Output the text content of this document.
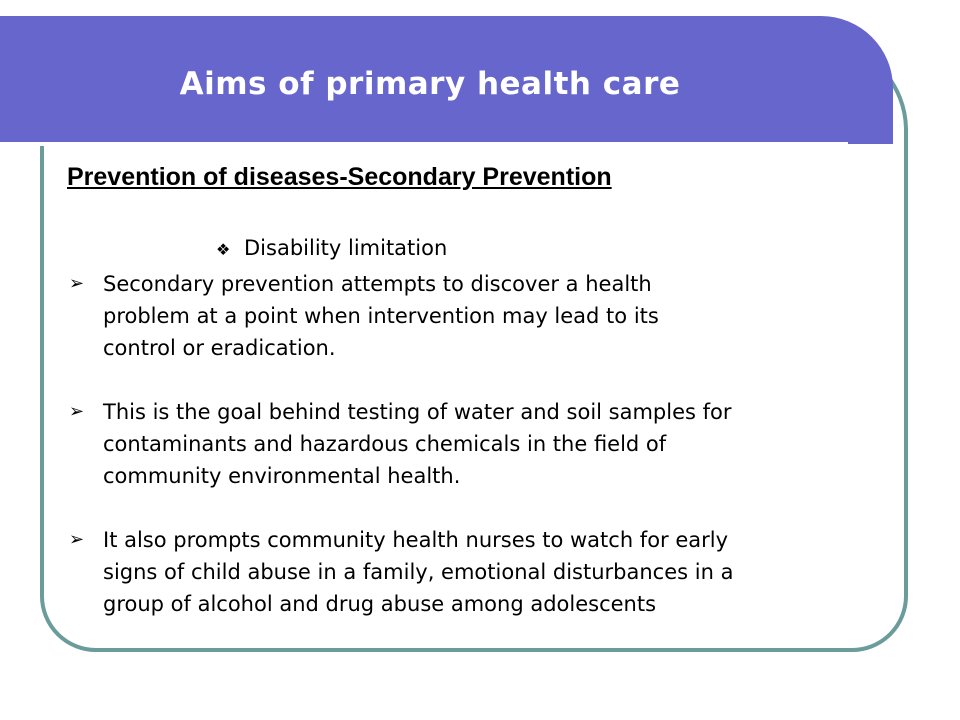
Aims of primary health care
Prevention of diseases-Secondary Prevention
❖ Disability limitation
➢ Secondary prevention attempts to discover a health
problem at a point when intervention may lead to its
control or eradication.
➢ This is the goal behind testing of water and soil samples for
contaminants and hazardous chemicals in the field of
community environmental health.
➢ It also prompts community health nurses to watch for early
signs of child abuse in a family, emotional disturbances in a
group of alcohol and drug abuse among adolescents
